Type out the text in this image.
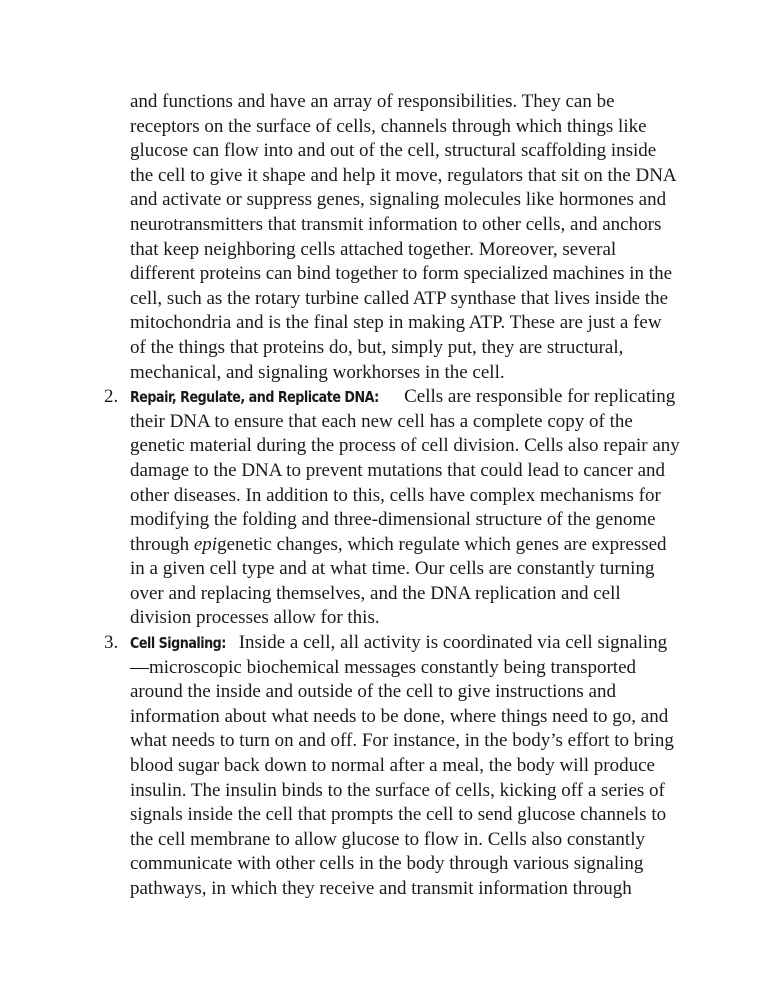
and functions and have an array of responsibilities. They can be receptors on the surface of cells, channels through which things like glucose can flow into and out of the cell, structural scaffolding inside the cell to give it shape and help it move, regulators that sit on the DNA and activate or suppress genes, signaling molecules like hormones and neurotransmitters that transmit information to other cells, and anchors that keep neighboring cells attached together. Moreover, several different proteins can bind together to form specialized machines in the cell, such as the rotary turbine called ATP synthase that lives inside the mitochondria and is the final step in making ATP. These are just a few of the things that proteins do, but, simply put, they are structural, mechanical, and signaling workhorses in the cell.

2. Repair, Regulate, and Replicate DNA: Cells are responsible for replicating their DNA to ensure that each new cell has a complete copy of the genetic material during the process of cell division. Cells also repair any damage to the DNA to prevent mutations that could lead to cancer and other diseases. In addition to this, cells have complex mechanisms for modifying the folding and three-dimensional structure of the genome through epigenetic changes, which regulate which genes are expressed in a given cell type and at what time. Our cells are constantly turning over and replacing themselves, and the DNA replication and cell division processes allow for this.
3. Cell Signaling: Inside a cell, all activity is coordinated via cell signaling—microscopic biochemical messages constantly being transported around the inside and outside of the cell to give instructions and information about what needs to be done, where things need to go, and what needs to turn on and off. For instance, in the body’s effort to bring blood sugar back down to normal after a meal, the body will produce insulin. The insulin binds to the surface of cells, kicking off a series of signals inside the cell that prompts the cell to send glucose channels to the cell membrane to allow glucose to flow in. Cells also constantly communicate with other cells in the body through various signaling pathways, in which they receive and transmit information through
